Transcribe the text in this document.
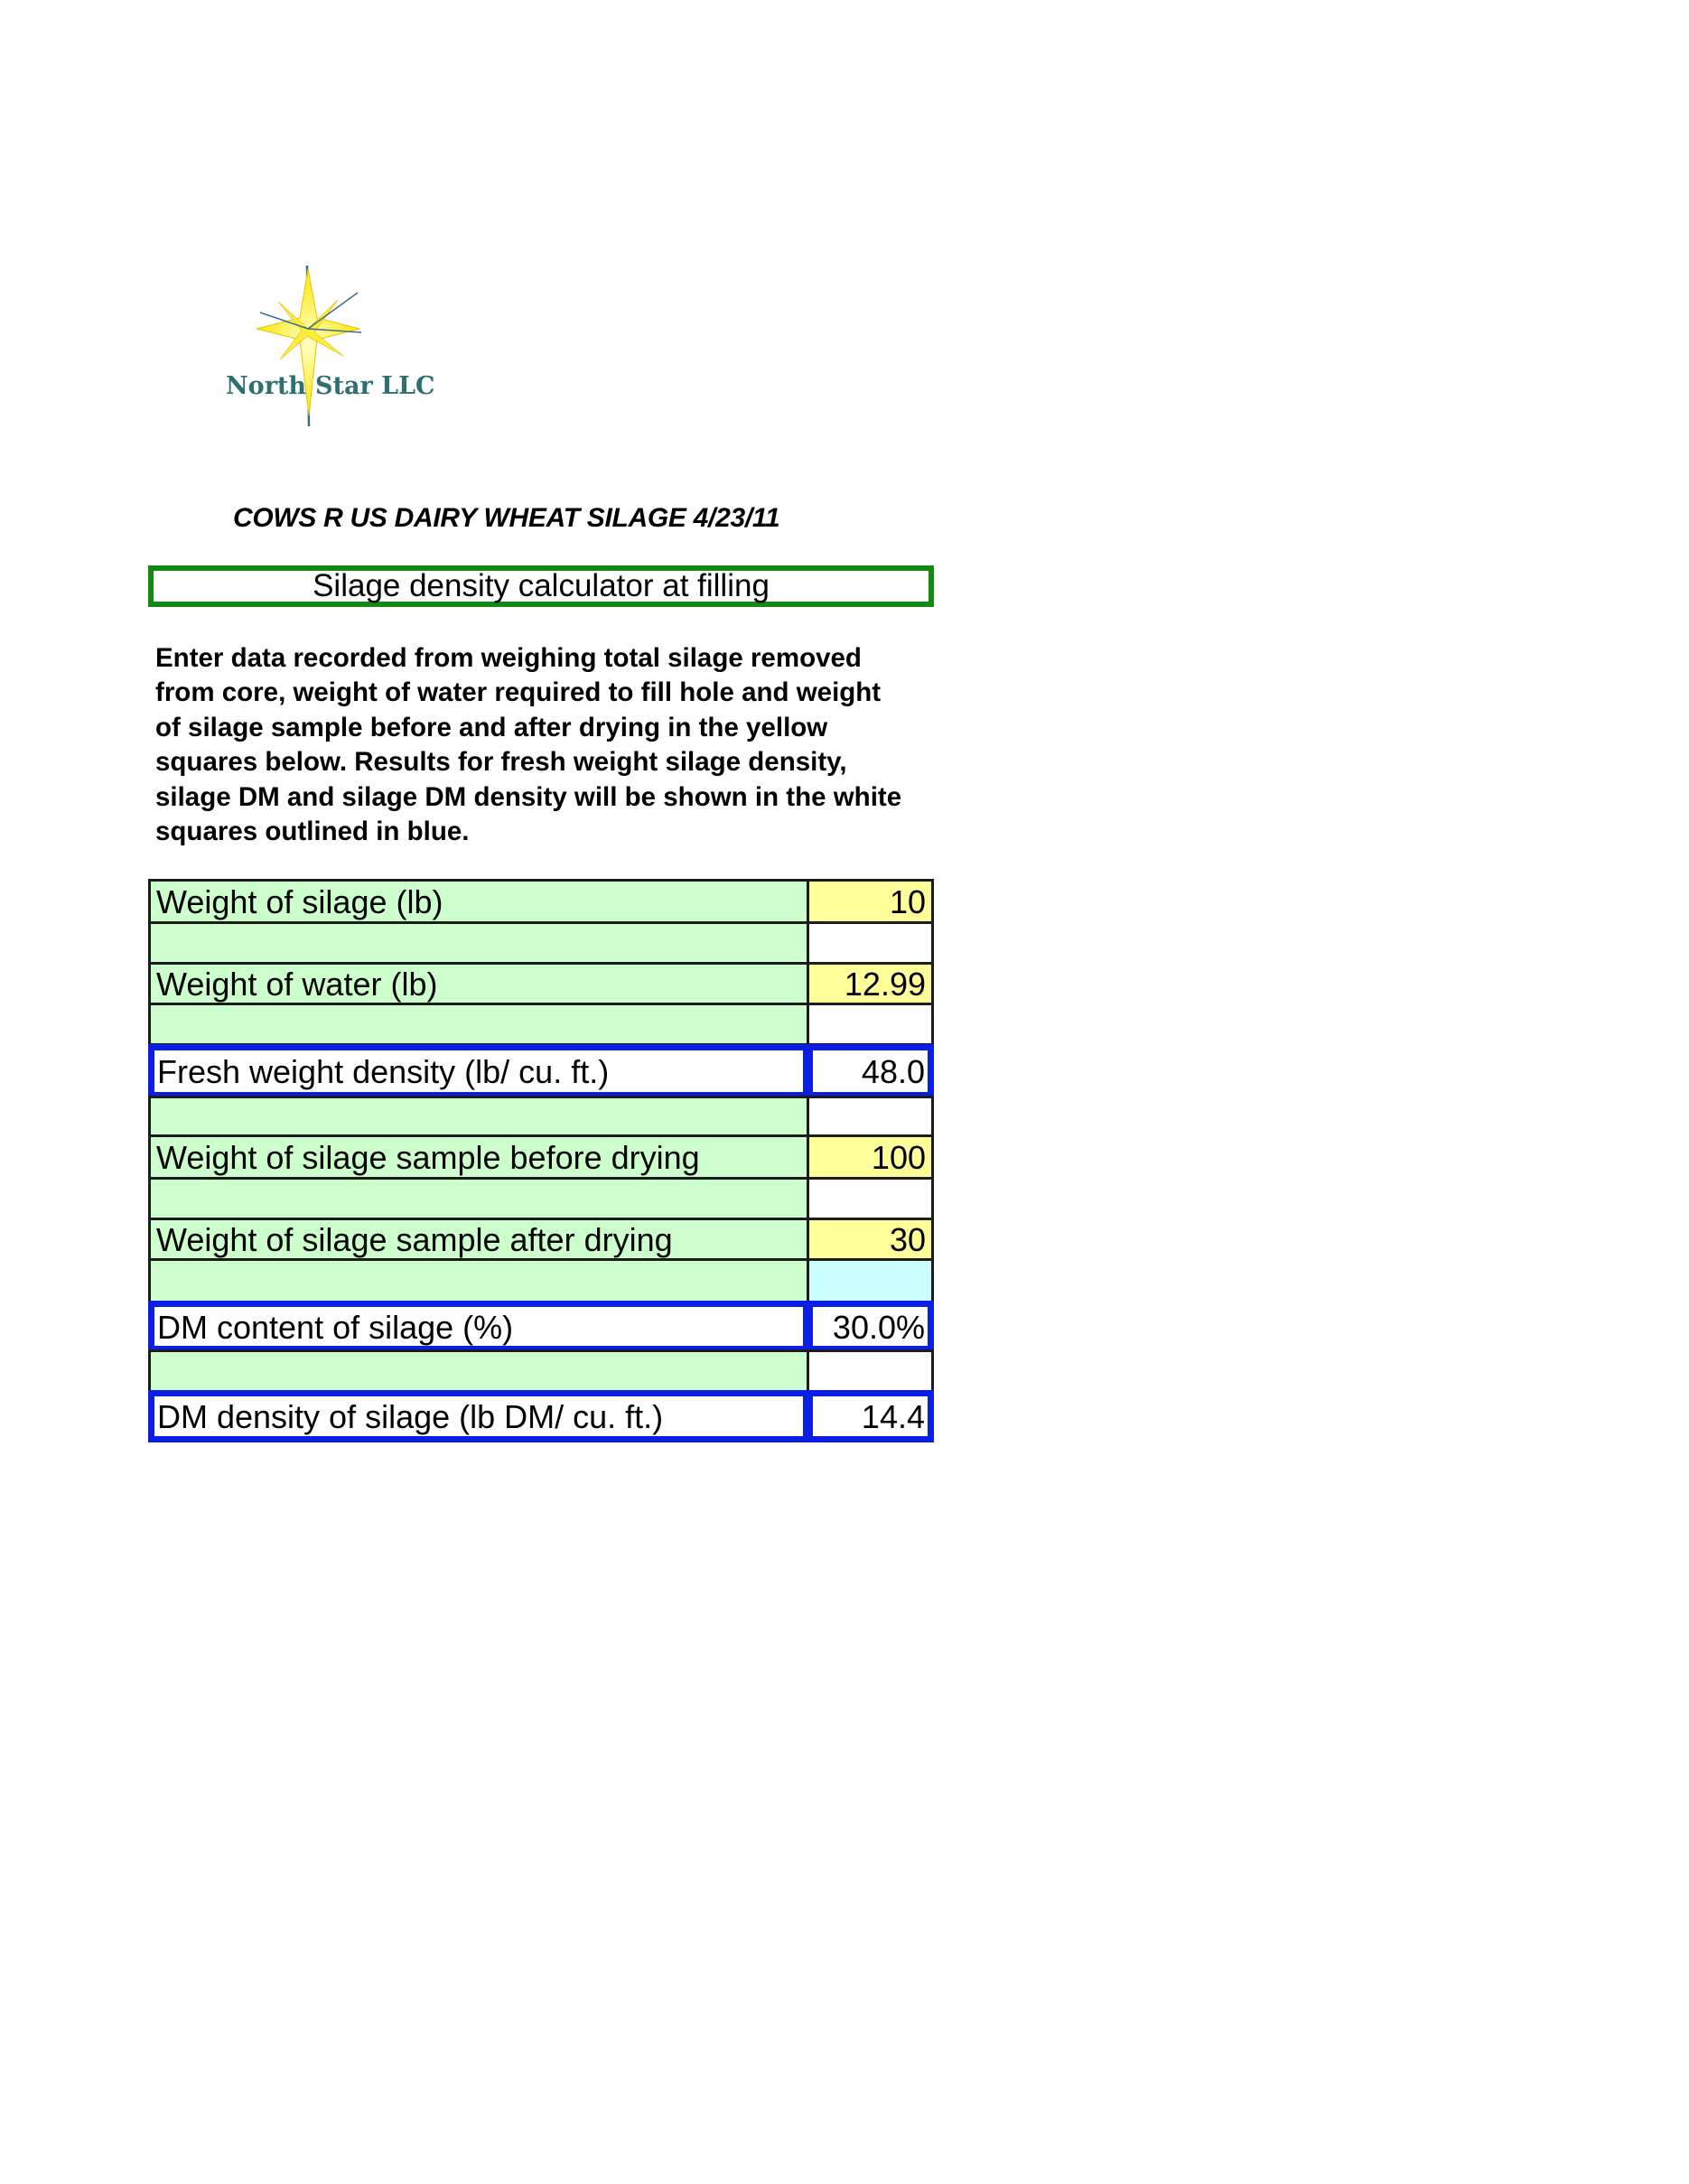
North Star LLC
COWS R US DAIRY WHEAT SILAGE 4/23/11
Silage density calculator at filling
Enter data recorded from weighing total silage removed
from core, weight of water required to fill hole and weight
of silage sample before and after drying in the yellow
squares below. Results for fresh weight silage density,
silage DM and silage DM density will be shown in the white
squares outlined in blue.
Weight of silage (lb)	10
Weight of water (lb)	12.99
Fresh weight density (lb/ cu. ft.)	48.0
Weight of silage sample before drying	100
Weight of silage sample after drying	30
DM content of silage (%)	30.0%
DM density of silage (lb DM/ cu. ft.)	14.4
